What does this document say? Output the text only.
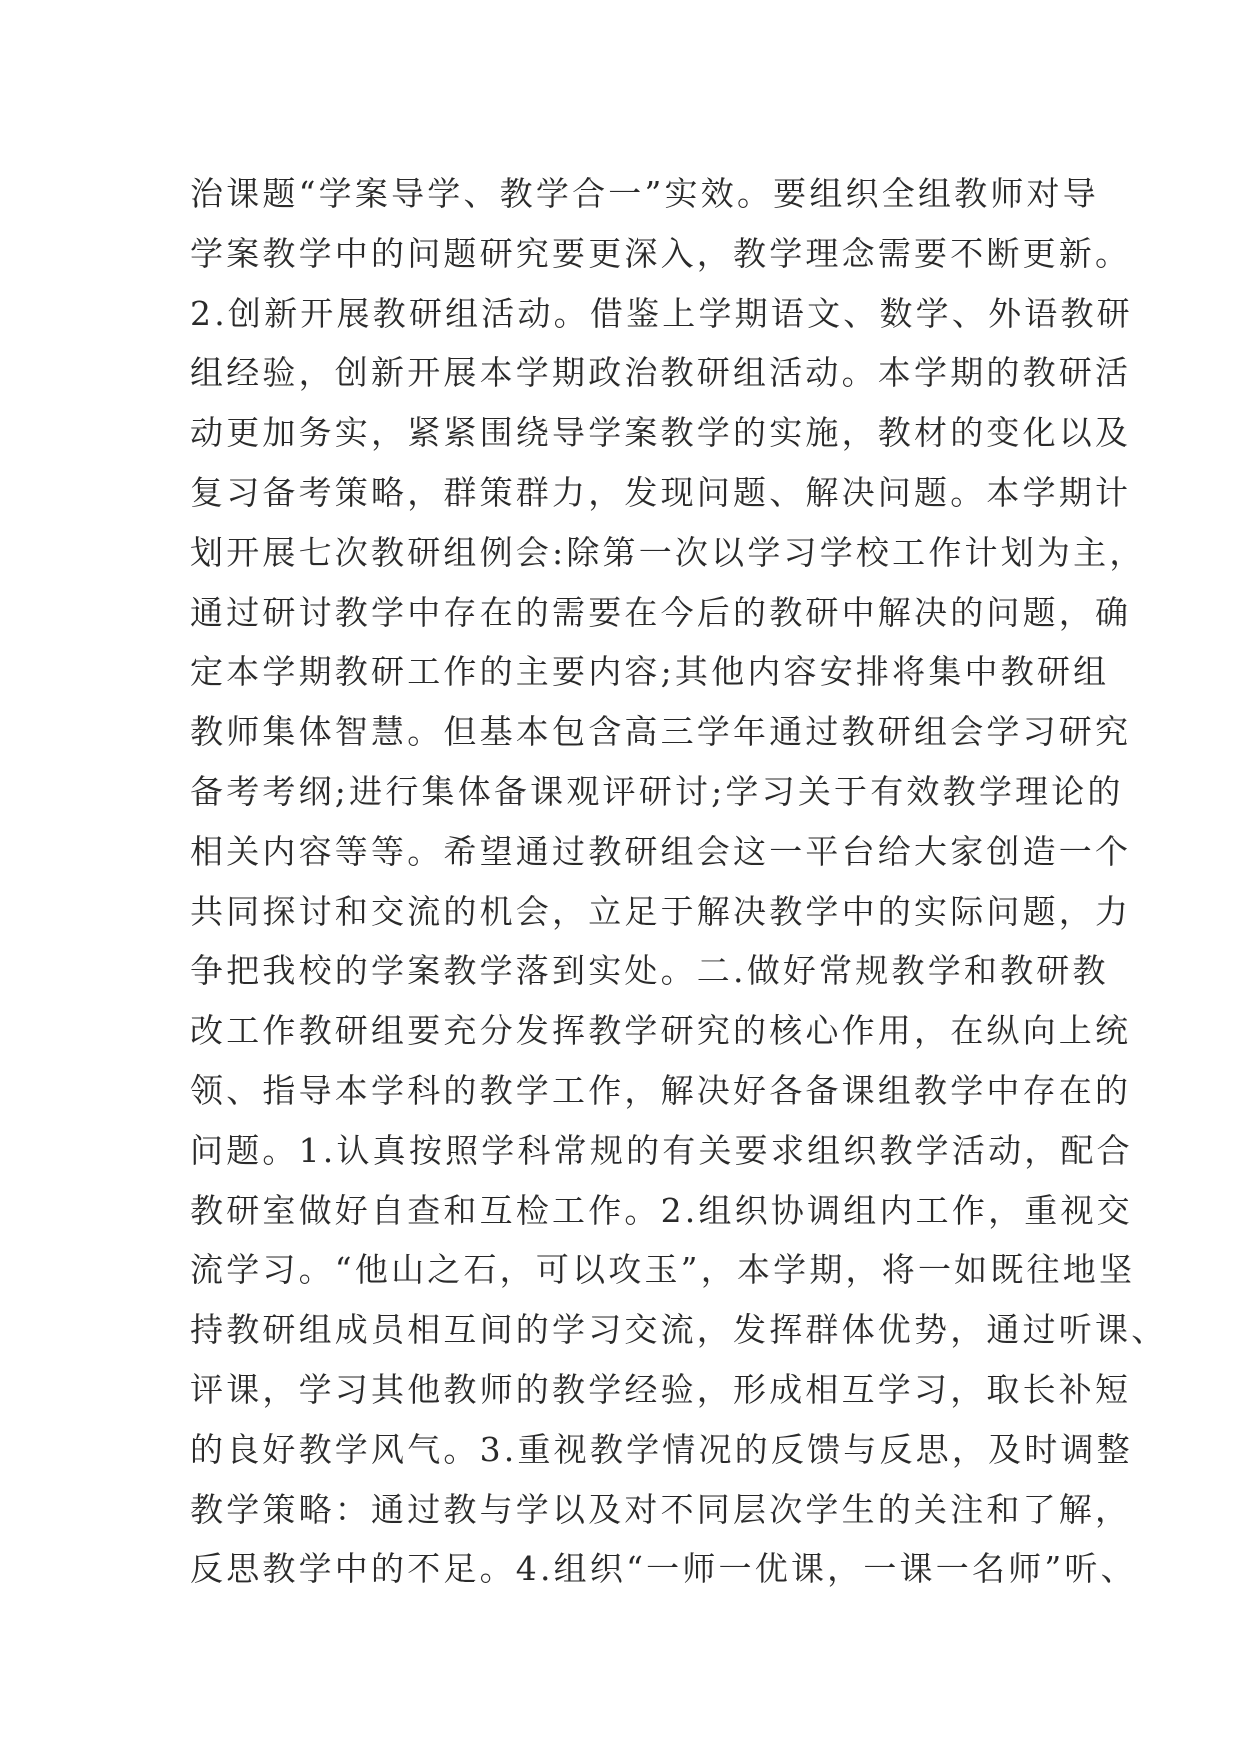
治课题“学案导学、教学合一”实效。要组织全组教师对导
学案教学中的问题研究要更深入，教学理念需要不断更新。
2.创新开展教研组活动。借鉴上学期语文、数学、外语教研
组经验，创新开展本学期政治教研组活动。本学期的教研活
动更加务实，紧紧围绕导学案教学的实施，教材的变化以及
复习备考策略，群策群力，发现问题、解决问题。本学期计
划开展七次教研组例会:除第一次以学习学校工作计划为主，
通过研讨教学中存在的需要在今后的教研中解决的问题，确
定本学期教研工作的主要内容;其他内容安排将集中教研组
教师集体智慧。但基本包含高三学年通过教研组会学习研究
备考考纲;进行集体备课观评研讨;学习关于有效教学理论的
相关内容等等。希望通过教研组会这一平台给大家创造一个
共同探讨和交流的机会，立足于解决教学中的实际问题，力
争把我校的学案教学落到实处。二.做好常规教学和教研教
改工作教研组要充分发挥教学研究的核心作用，在纵向上统
领、指导本学科的教学工作，解决好各备课组教学中存在的
问题。1.认真按照学科常规的有关要求组织教学活动，配合
教研室做好自查和互检工作。2.组织协调组内工作，重视交
流学习。“他山之石，可以攻玉”，本学期，将一如既往地坚
持教研组成员相互间的学习交流，发挥群体优势，通过听课、
评课，学习其他教师的教学经验，形成相互学习，取长补短
的良好教学风气。3.重视教学情况的反馈与反思，及时调整
教学策略：通过教与学以及对不同层次学生的关注和了解，
反思教学中的不足。4.组织“一师一优课，一课一名师”听、
